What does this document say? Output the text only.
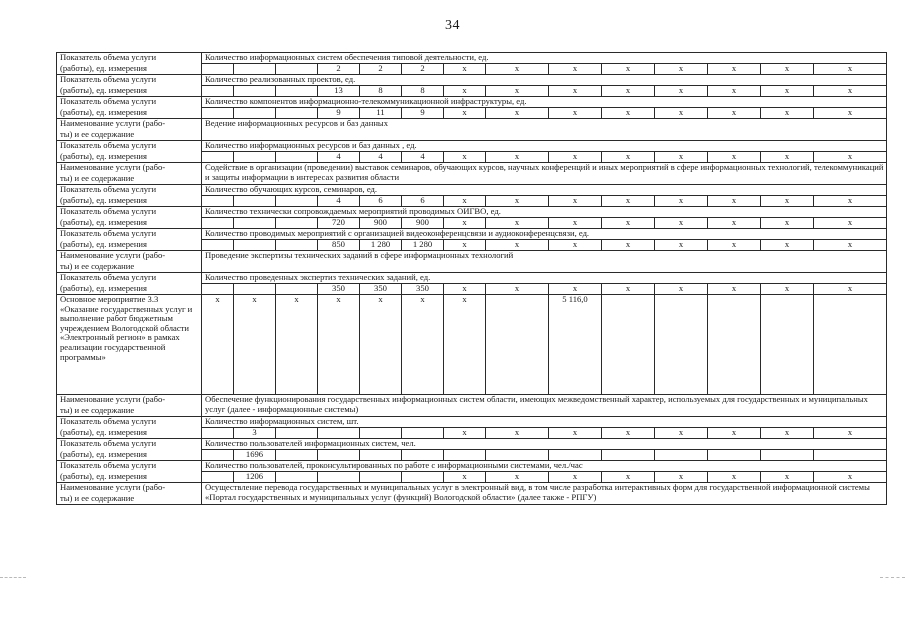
34
Показатель объема услуги	Количество информационных систем обеспечения типовой деятельности, ед.													
(работы), ед. измерения				2	2	2	x	x	x	x	x	x	x	x
Показатель объема услуги	Количество реализованных проектов, ед.													
(работы), ед. измерения				13	8	8	x	x	x	x	x	x	x	x
Показатель объема услуги	Количество компонентов информационно-телекоммуникационной инфраструктуры, ед.													
(работы), ед. измерения				9	11	9	x	x	x	x	x	x	x	x
Наименование услуги (рабо-	Ведение информационных ресурсов и баз данных													
ты) и ее содержание														
Показатель объема услуги	Количество информационных ресурсов и баз данных , ед.													
(работы), ед. измерения				4	4	4	x	x	x	x	x	x	x	x
Наименование услуги (рабо-	Содействие в организации (проведении) выставок семинаров, обучающих курсов, научных конференций и иных мероприятий в сфере информационных технологий, телекоммуникаций и защиты информации в интересах развития области													
ты) и ее содержание														
Показатель объема услуги	Количество обучающих курсов, семинаров, ед.													
(работы), ед. измерения				4	6	6	x	x	x	x	x	x	x	x
Показатель объема услуги	Количество технически сопровождаемых мероприятий проводимых ОИГВО, ед.													
(работы), ед. измерения				720	900	900	x	x	x	x	x	x	x	x
Показатель объема услуги	Количество проводимых мероприятий с организацией видеоконференцсвязи и аудиоконференцсвязи, ед.													
(работы), ед. измерения				850	1 280	1 280	x	x	x	x	x	x	x	x
Наименование услуги (рабо-	Проведение экспертизы технических заданий в сфере информационных технологий													
ты) и ее содержание														
Показатель объема услуги	Количество проведенных экспертиз технических заданий, ед.													
(работы), ед. измерения				350	350	350	x	x	x	x	x	x	x	x
Основное мероприятие 3.3 «Оказание государственных услуг и выполнение работ бюджетным учреждением Вологодской области «Электронный регион» в рамках реализации государственной программы»	x	x	x	x	x	x	x		5 116,0					
Наименование услуги (рабо-	Обеспечение функционирования государственных информационных систем области, имеющих межведомственный характер, используемых для государственных и муниципальных услуг (далее - информационные системы)													
ты) и ее содержание														
Показатель объема услуги	Количество информационных систем, шт.													
(работы), ед. измерения		3					x	x	x	x	x	x	x	x
Показатель объема услуги	Количество пользователей информационных систем, чел.													
(работы), ед. измерения		1696												
Показатель объема услуги	Количество пользователей, проконсультированных по работе с информационными системами, чел./час													
(работы), ед. измерения		1206					x	x	x	x	x	x	x	x
Наименование услуги (рабо-	Осуществление перевода государственных и муниципальных услуг в электронный вид, в том числе разработка интерактивных форм для государственной информационной системы «Портал государственных и муниципальных услуг (функций) Вологодской области» (далее также - РПГУ)													
ты) и ее содержание														
